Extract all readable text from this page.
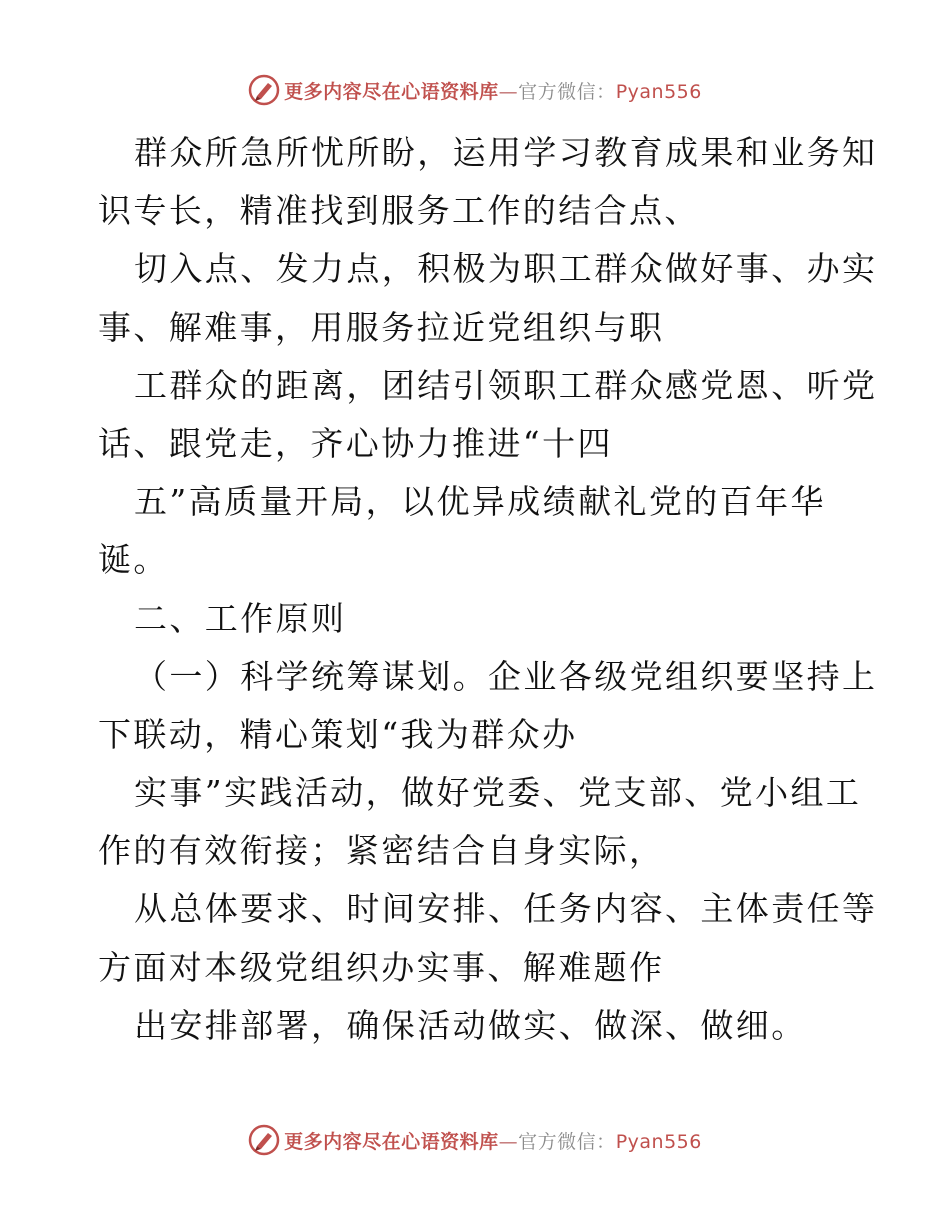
更多内容尽在心语资料库—官方微信：Pyan556
群众所急所忧所盼，运用学习教育成果和业务知
识专长，精准找到服务工作的结合点、
切入点、发力点，积极为职工群众做好事、办实
事、解难事，用服务拉近党组织与职
工群众的距离，团结引领职工群众感党恩、听党
话、跟党走，齐心协力推进“十四
五”高质量开局，以优异成绩献礼党的百年华
诞。
二、工作原则
（一）科学统筹谋划。企业各级党组织要坚持上
下联动，精心策划“我为群众办
实事”实践活动，做好党委、党支部、党小组工
作的有效衔接；紧密结合自身实际，
从总体要求、时间安排、任务内容、主体责任等
方面对本级党组织办实事、解难题作
出安排部署，确保活动做实、做深、做细。
更多内容尽在心语资料库—官方微信：Pyan556
